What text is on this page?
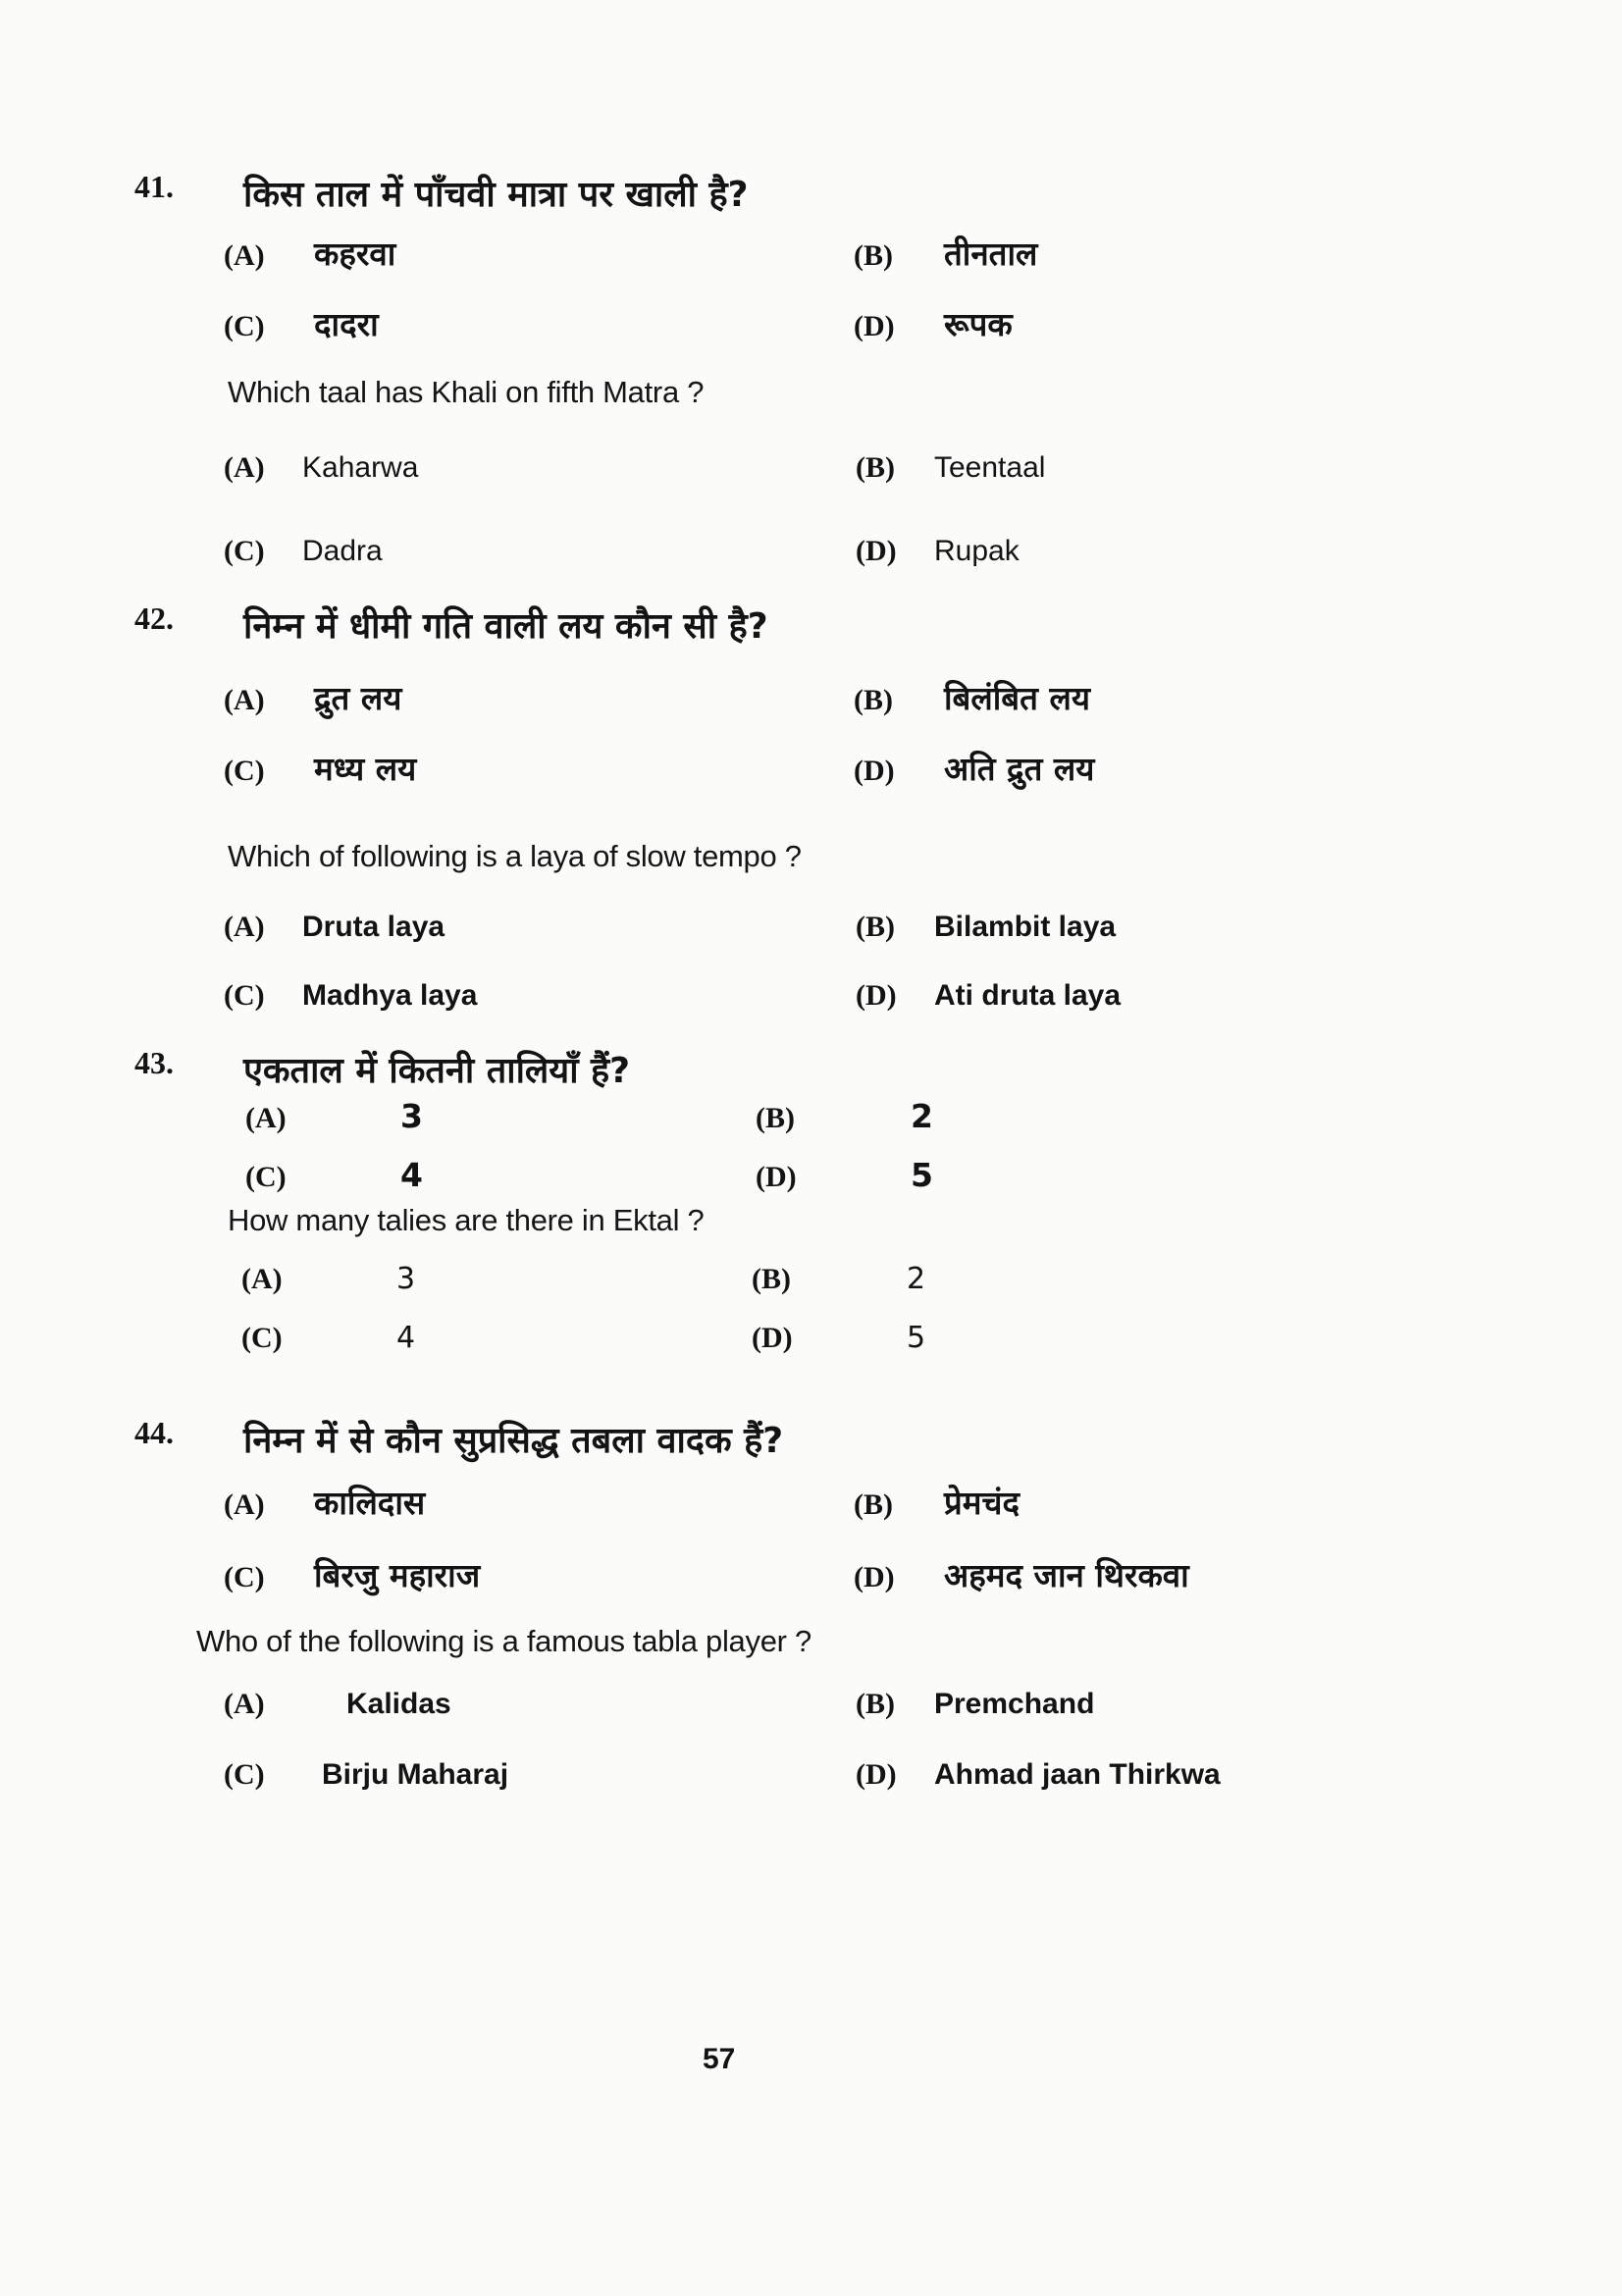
41. किस ताल में पाँचवी मात्रा पर खाली है?
(A)	कहरवा	(B)	तीनताल
(C)	दादरा	(D)	रूपक
Which taal has Khali on fifth Matra ?
(A)	Kaharwa	(B)	Teentaal
(C)	Dadra	(D)	Rupak
42. निम्न में धीमी गति वाली लय कौन सी है?
(A)	द्रुत लय	(B)	बिलंबित लय
(C)	मध्य लय	(D)	अति द्रुत लय
Which of following is a laya of slow tempo ?
(A)	Druta laya	(B)	Bilambit laya
(C)	Madhya laya	(D)	Ati druta laya
43. एकताल में कितनी तालियाँ हैं?
(A)	3	(B)	2
(C)	4	(D)	5
How many talies are there in Ektal ?
(A)	3	(B)	2
(C)	4	(D)	5
44. निम्न में से कौन सुप्रसिद्ध तबला वादक हैं?
(A)	कालिदास	(B)	प्रेमचंद
(C)	बिरजु महाराज	(D)	अहमद जान थिरकवा
Who of the following is a famous tabla player ?
(A)	Kalidas	(B)	Premchand
(C)	Birju Maharaj	(D)	Ahmad jaan Thirkwa
57
